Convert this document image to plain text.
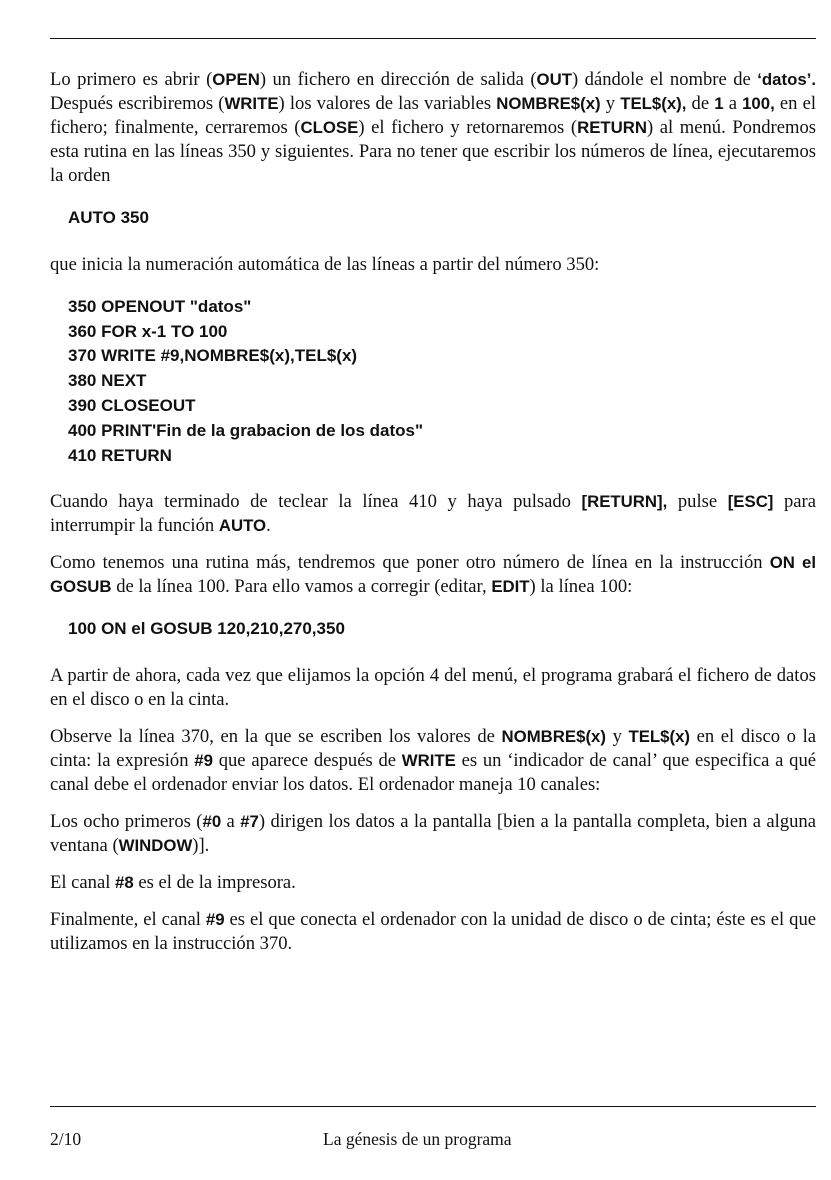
Lo primero es abrir (OPEN) un fichero en dirección de salida (OUT) dándole el nombre de ‘datos’. Después escribiremos (WRITE) los valores de las variables NOMBRE$(x) y TEL$(x), de 1 a 100, en el fichero; finalmente, cerraremos (CLOSE) el fichero y retornaremos (RETURN) al menú. Pondremos esta rutina en las líneas 350 y siguientes. Para no tener que escribir los números de línea, ejecutaremos la orden

AUTO 350

que inicia la numeración automática de las líneas a partir del número 350:

350 OPENOUT "datos"
360 FOR x-1 TO 100
370 WRITE #9,NOMBRE$(x),TEL$(x)
380 NEXT
390 CLOSEOUT
400 PRINT'Fin de la grabacion de los datos"
410 RETURN

Cuando haya terminado de teclear la línea 410 y haya pulsado [RETURN], pulse [ESC] para interrumpir la función AUTO.

Como tenemos una rutina más, tendremos que poner otro número de línea en la instrucción ON el GOSUB de la línea 100. Para ello vamos a corregir (editar, EDIT) la línea 100:

100 ON el GOSUB 120,210,270,350

A partir de ahora, cada vez que elijamos la opción 4 del menú, el programa grabará el fichero de datos en el disco o en la cinta.

Observe la línea 370, en la que se escriben los valores de NOMBRE$(x) y TEL$(x) en el disco o la cinta: la expresión #9 que aparece después de WRITE es un ‘indicador de canal’ que especifica a qué canal debe el ordenador enviar los datos. El ordenador maneja 10 canales:

Los ocho primeros (#0 a #7) dirigen los datos a la pantalla [bien a la pantalla completa, bien a alguna ventana (WINDOW)].

El canal #8 es el de la impresora.

Finalmente, el canal #9 es el que conecta el ordenador con la unidad de disco o de cinta; éste es el que utilizamos en la instrucción 370.

2/10	La génesis de un programa
